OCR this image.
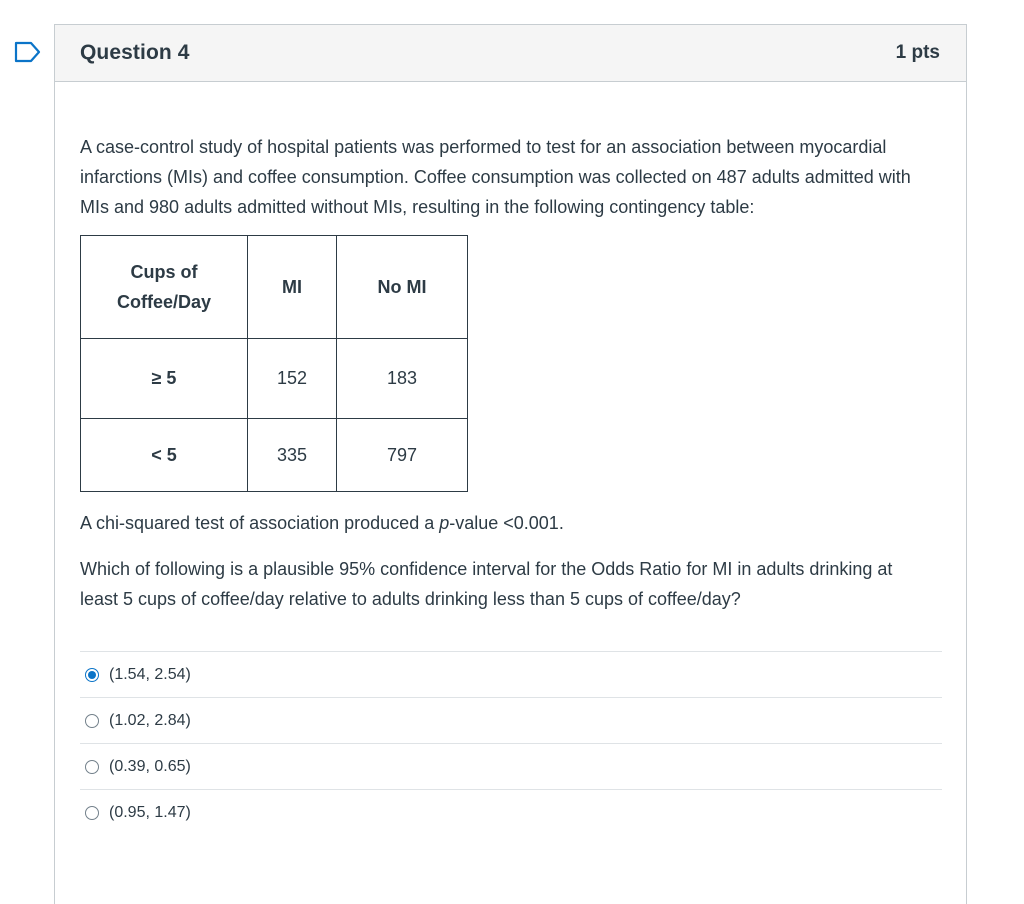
Question 4	1 pts

A case-control study of hospital patients was performed to test for an association between myocardial infarctions (MIs) and coffee consumption. Coffee consumption was collected on 487 adults admitted with MIs and 980 adults admitted without MIs, resulting in the following contingency table:

Cups of
Coffee/Day	MI	No MI
≥ 5	152	183
< 5	335	797

A chi-squared test of association produced a p-value <0.001.

Which of following is a plausible 95% confidence interval for the Odds Ratio for MI in adults drinking at least 5 cups of coffee/day relative to adults drinking less than 5 cups of coffee/day?

(1.54, 2.54)
(1.02, 2.84)
(0.39, 0.65)
(0.95, 1.47)
